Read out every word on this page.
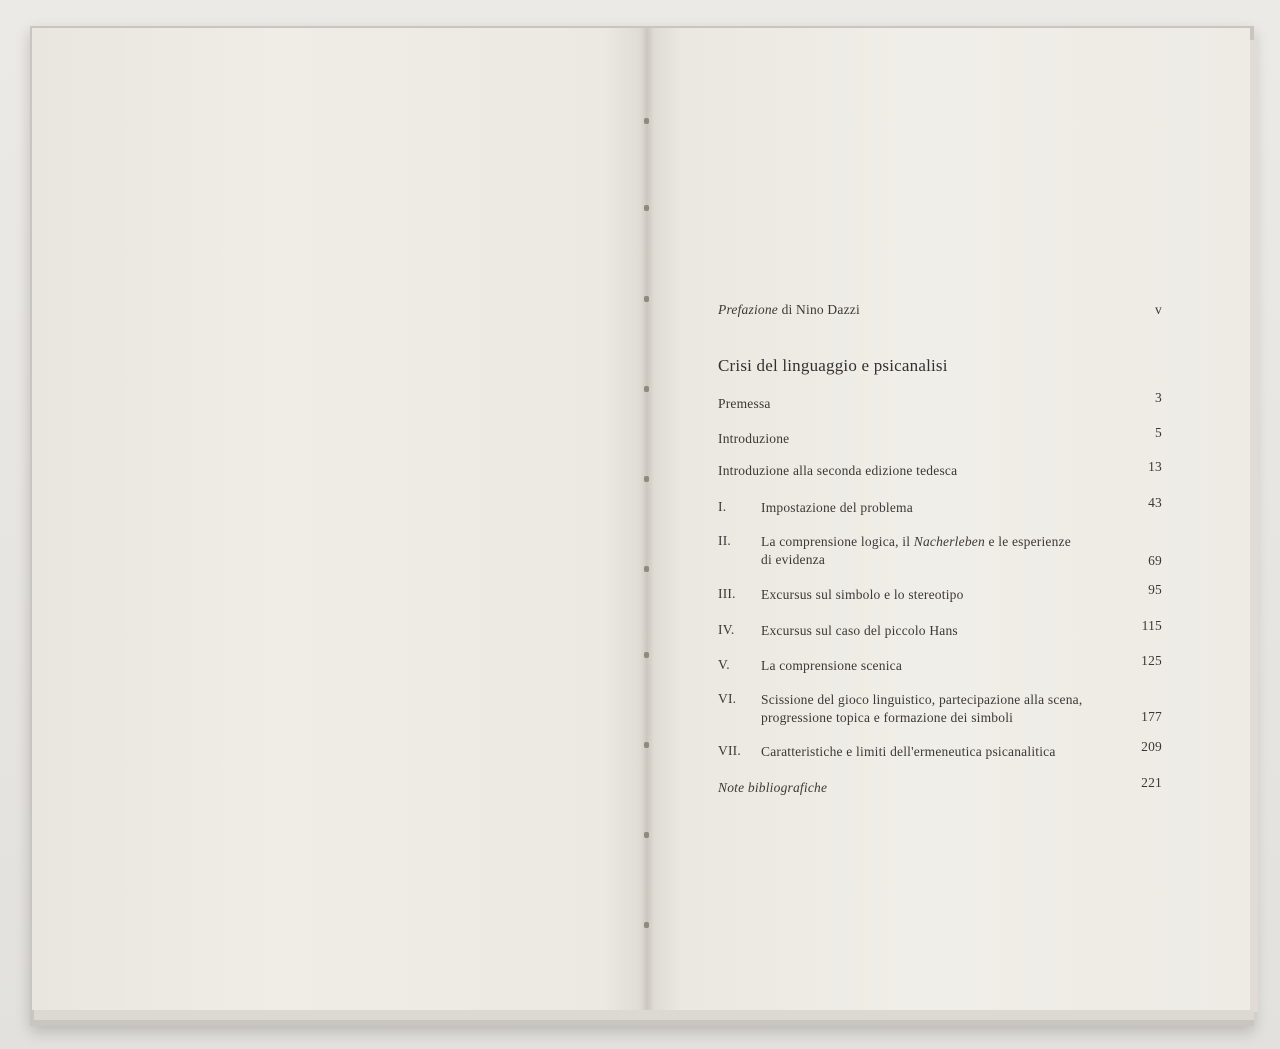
Prefazione di Nino Dazzi	v
Crisi del linguaggio e psicanalisi
Premessa	3
Introduzione	5
Introduzione alla seconda edizione tedesca	13
I.	Impostazione del problema	43
II. La comprensione logica, il Nacherleben e le esperienze
di evidenza	69
III. Excursus sul simbolo e lo stereotipo	95
IV. Excursus sul caso del piccolo Hans	115
V. La comprensione scenica	125
VI. Scissione del gioco linguistico, partecipazione alla scena,
progressione topica e formazione dei simboli	177
VII. Caratteristiche e limiti dell'ermeneutica psicanalitica	209
Note bibliografiche	221
